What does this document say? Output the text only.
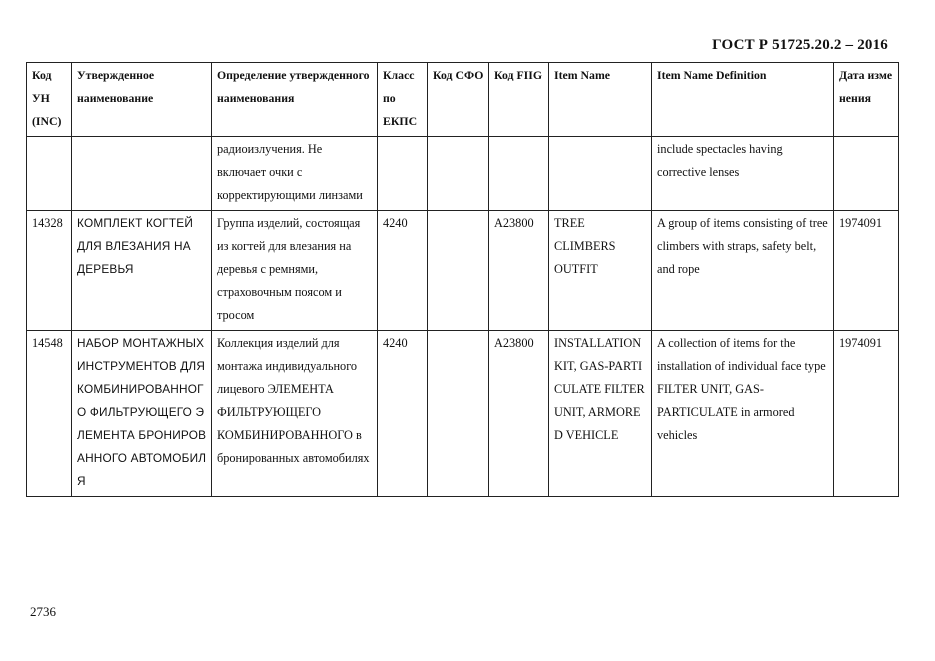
ГОСТ Р 51725.20.2 – 2016
Код УН (INC)	Утвержденное наименование	Определение утвержденного наименования	Класс по ЕКПС	Код СФО	Код FIIG	Item Name	Item Name Definition	Дата изменения
		радиоизлучения. Не включает очки с корректирующими линзами					include spectacles having corrective lenses	
14328	КОМПЛЕКТ КОГТЕЙ ДЛЯ ВЛЕЗАНИЯ НА ДЕРЕВЬЯ	Группа изделий, состоящая из когтей для влезания на деревья с ремнями, страховочным поясом и тросом	4240		A23800	TREE CLIMBERS OUTFIT	A group of items consisting of tree climbers with straps, safety belt, and rope	1974091
14548	НАБОР МОНТАЖНЫХ ИНСТРУМЕНТОВ ДЛЯ КОМБИНИРОВАННОГО ФИЛЬТРУЮЩЕГО ЭЛЕМЕНТА БРОНИРОВАННОГО АВТОМОБИЛЯ	Коллекция изделий для монтажа индивидуального лицевого ЭЛЕМЕНТА ФИЛЬТРУЮЩЕГО КОМБИНИРОВАННОГО в бронированных автомобилях	4240		A23800	INSTALLATION KIT, GAS-PARTICULATE FILTER UNIT, ARMORED VEHICLE	A collection of items for the installation of individual face type FILTER UNIT, GAS-PARTICULATE in armored vehicles	1974091
2736
